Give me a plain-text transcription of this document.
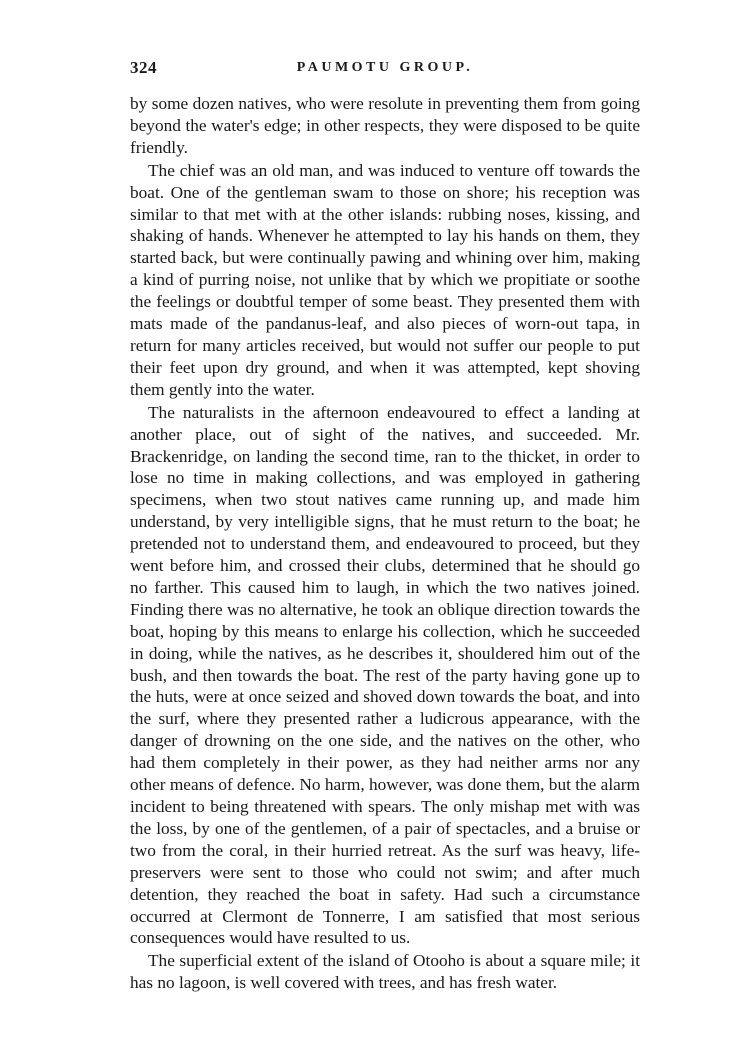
324	PAUMOTU GROUP.

by some dozen natives, who were resolute in preventing them from going beyond the water's edge; in other respects, they were disposed to be quite friendly.

The chief was an old man, and was induced to venture off towards the boat. One of the gentleman swam to those on shore; his reception was similar to that met with at the other islands: rubbing noses, kissing, and shaking of hands. Whenever he attempted to lay his hands on them, they started back, but were continually pawing and whining over him, making a kind of purring noise, not unlike that by which we propitiate or soothe the feelings or doubtful temper of some beast. They presented them with mats made of the pandanus-leaf, and also pieces of worn-out tapa, in return for many articles received, but would not suffer our people to put their feet upon dry ground, and when it was attempted, kept shoving them gently into the water.

The naturalists in the afternoon endeavoured to effect a landing at another place, out of sight of the natives, and succeeded. Mr. Brackenridge, on landing the second time, ran to the thicket, in order to lose no time in making collections, and was employed in gathering specimens, when two stout natives came running up, and made him understand, by very intelligible signs, that he must return to the boat; he pretended not to understand them, and endeavoured to proceed, but they went before him, and crossed their clubs, determined that he should go no farther. This caused him to laugh, in which the two natives joined. Finding there was no alternative, he took an oblique direction towards the boat, hoping by this means to enlarge his collection, which he succeeded in doing, while the natives, as he describes it, shouldered him out of the bush, and then towards the boat. The rest of the party having gone up to the huts, were at once seized and shoved down towards the boat, and into the surf, where they presented rather a ludicrous appearance, with the danger of drowning on the one side, and the natives on the other, who had them completely in their power, as they had neither arms nor any other means of defence. No harm, however, was done them, but the alarm incident to being threatened with spears. The only mishap met with was the loss, by one of the gentlemen, of a pair of spectacles, and a bruise or two from the coral, in their hurried retreat. As the surf was heavy, life-preservers were sent to those who could not swim; and after much detention, they reached the boat in safety. Had such a circumstance occurred at Clermont de Tonnerre, I am satisfied that most serious consequences would have resulted to us.

The superficial extent of the island of Otooho is about a square mile; it has no lagoon, is well covered with trees, and has fresh water.
